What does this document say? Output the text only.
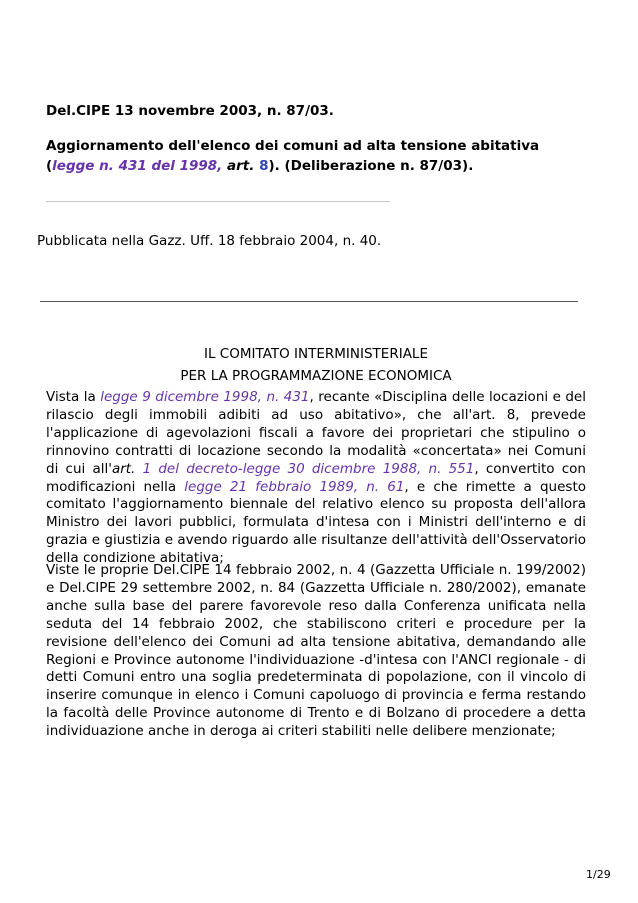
Del.CIPE 13 novembre 2003, n. 87/03.

Aggiornamento dell'elenco dei comuni ad alta tensione abitativa (legge n. 431 del 1998, art. 8). (Deliberazione n. 87/03).

Pubblicata nella Gazz. Uff. 18 febbraio 2004, n. 40.

IL COMITATO INTERMINISTERIALE

PER LA PROGRAMMAZIONE ECONOMICA

Vista la legge 9 dicembre 1998, n. 431, recante «Disciplina delle locazioni e del rilascio degli immobili adibiti ad uso abitativo», che all'art. 8, prevede l'applicazione di agevolazioni fiscali a favore dei proprietari che stipulino o rinnovino contratti di locazione secondo la modalità «concertata» nei Comuni di cui all'art. 1 del decreto-legge 30 dicembre 1988, n. 551, convertito con modificazioni nella legge 21 febbraio 1989, n. 61, e che rimette a questo comitato l'aggiornamento biennale del relativo elenco su proposta dell'allora Ministro dei lavori pubblici, formulata d'intesa con i Ministri dell'interno e di grazia e giustizia e avendo riguardo alle risultanze dell'attività dell'Osservatorio della condizione abitativa;

Viste le proprie Del.CIPE 14 febbraio 2002, n. 4 (Gazzetta Ufficiale n. 199/2002) e Del.CIPE 29 settembre 2002, n. 84 (Gazzetta Ufficiale n. 280/2002), emanate anche sulla base del parere favorevole reso dalla Conferenza unificata nella seduta del 14 febbraio 2002, che stabiliscono criteri e procedure per la revisione dell'elenco dei Comuni ad alta tensione abitativa, demandando alle Regioni e Province autonome l'individuazione -d'intesa con l'ANCI regionale - di detti Comuni entro una soglia predeterminata di popolazione, con il vincolo di inserire comunque in elenco i Comuni capoluogo di provincia e ferma restando la facoltà delle Province autonome di Trento e di Bolzano di procedere a detta individuazione anche in deroga ai criteri stabiliti nelle delibere menzionate;

1/29
